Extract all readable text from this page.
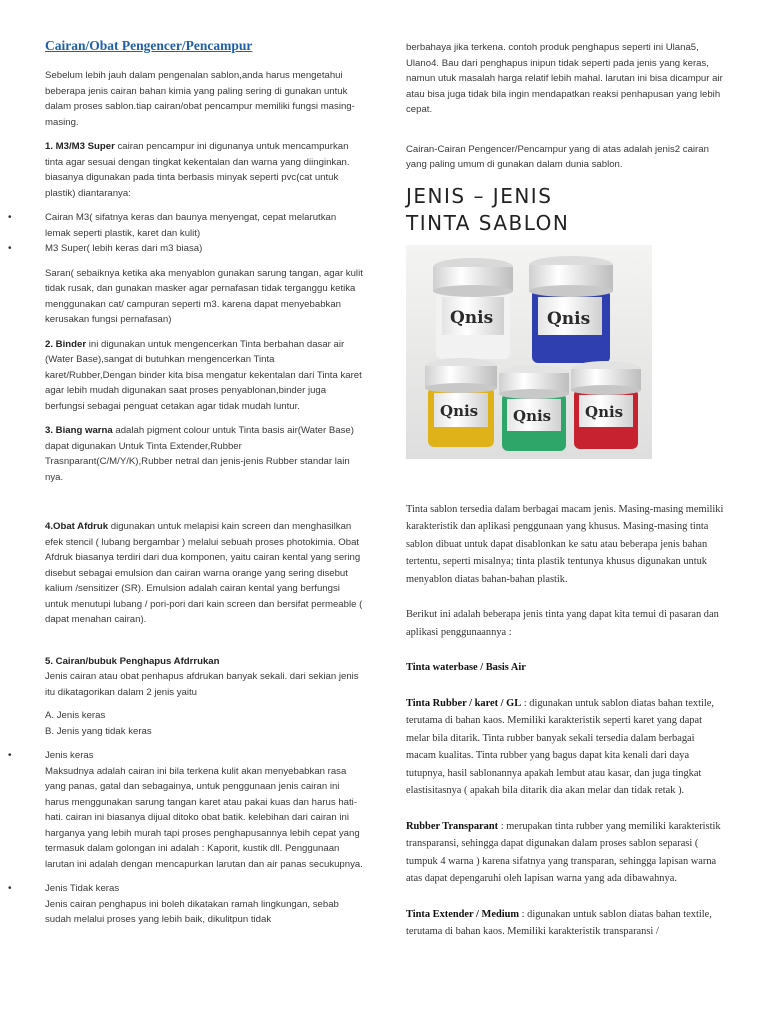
Cairan/Obat Pengencer/Pencampur

Sebelum lebih jauh dalam pengenalan sablon,anda harus mengetahui beberapa jenis cairan bahan kimia yang paling sering di gunakan untuk dalam proses sablon.tiap cairan/obat pencampur memiliki fungsi masing-masing.

1. M3/M3 Super cairan pencampur ini digunanya untuk mencampurkan tinta agar sesuai dengan tingkat kekentalan dan warna yang diinginkan. biasanya digunakan pada tinta berbasis minyak seperti pvc(cat untuk plastik) diantaranya:

• Cairan M3( sifatnya keras dan baunya menyengat, cepat melarutkan lemak seperti plastik, karet dan kulit)
• M3 Super( lebih keras dari m3 biasa)

Saran( sebaiknya ketika aka menyablon gunakan sarung tangan, agar kulit tidak rusak, dan gunakan masker agar pernafasan tidak terganggu ketika menggunakan cat/ campuran seperti m3. karena dapat menyebabkan kerusakan fungsi pernafasan)

2. Binder ini digunakan untuk mengencerkan Tinta berbahan dasar air (Water Base),sangat di butuhkan mengencerkan Tinta karet/Rubber,Dengan binder kita bisa mengatur kekentalan dari Tinta karet agar lebih mudah digunakan saat proses penyablonan,binder juga berfungsi sebagai penguat cetakan agar tidak mudah luntur.

3. Biang warna adalah pigment colour untuk Tinta basis air(Water Base) dapat digunakan Untuk Tinta Extender,Rubber Trasnparant(C/M/Y/K),Rubber netral dan jenis-jenis Rubber standar lain nya.

4.Obat Afdruk digunakan untuk melapisi kain screen dan menghasilkan efek stencil ( lubang bergambar ) melalui sebuah proses photokimia. Obat Afdruk biasanya terdiri dari dua komponen, yaitu cairan kental yang sering disebut sebagai emulsion dan cairan warna orange yang sering disebut kalium /sensitizer (SR). Emulsion adalah cairan kental yang berfungsi untuk menutupi lubang / pori-pori dari kain screen dan bersifat permeable ( dapat menahan cairan).

5. Cairan/bubuk Penghapus Afdrrukan
Jenis cairan atau obat penhapus afdrukan banyak sekali. dari sekian jenis itu dikatagorikan dalam 2 jenis yaitu

A. Jenis keras
B. Jenis yang tidak keras

• Jenis keras
Maksudnya adalah cairan ini bila terkena kulit akan menyebabkan rasa yang panas, gatal dan sebagainya, untuk penggunaan jenis cairan ini harus menggunakan sarung tangan karet atau pakai kuas dan harus hati-hati. cairan ini biasanya dijual ditoko obat batik. kelebihan dari cairan ini harganya yang lebih murah tapi proses penghapusannya lebih cepat yang termasuk dalam golongan ini adalah : Kaporit, kustik dll. Penggunaan larutan ini adalah dengan mencapurkan larutan dan air panas secukupnya.
• Jenis Tidak keras
Jenis cairan penghapus ini boleh dikatakan ramah lingkungan, sebab sudah melalui proses yang lebih baik, dikulitpun tidak

berbahaya jika terkena. contoh produk penghapus seperti ini Ulana5, Ulano4. Bau dari penghapus inipun tidak seperti pada jenis yang keras, namun utuk masalah harga relatif lebih mahal. larutan ini bisa dicampur air atau bisa juga tidak bila ingin mendapatkan reaksi penhapusan yang lebih cepat.

Cairan-Cairan Pengencer/Pencampur yang di atas adalah jenis2 cairan yang paling umum di gunakan dalam dunia sablon.

JENIS – JENIS
TINTA SABLON
Qnis	Qnis
Qnis Qnis Qnis

Tinta sablon tersedia dalam berbagai macam jenis. Masing-masing memiliki karakteristik dan aplikasi penggunaan yang khusus. Masing-masing tinta sablon dibuat untuk dapat disablonkan ke satu atau beberapa jenis bahan tertentu, seperti misalnya; tinta plastik tentunya khusus digunakan untuk menyablon diatas bahan-bahan plastik.

Berikut ini adalah beberapa jenis tinta yang dapat kita temui di pasaran dan aplikasi penggunaannya :

Tinta waterbase / Basis Air

Tinta Rubber / karet / GL : digunakan untuk sablon diatas bahan textile, terutama di bahan kaos. Memiliki karakteristik seperti karet yang dapat melar bila ditarik. Tinta rubber banyak sekali tersedia dalam berbagai macam kualitas. Tinta rubber yang bagus dapat kita kenali dari daya tutupnya, hasil sablonannya apakah lembut atau kasar, dan juga tingkat elastisitasnya ( apakah bila ditarik dia akan melar dan tidak retak ).

Rubber Transparant : merupakan tinta rubber yang memiliki karakteristik transparansi, sehingga dapat digunakan dalam proses sablon separasi ( tumpuk 4 warna ) karena sifatnya yang transparan, sehingga lapisan warna atas dapat depengaruhi oleh lapisan warna yang ada dibawahnya.

Tinta Extender / Medium : digunakan untuk sablon diatas bahan textile, terutama di bahan kaos. Memiliki karakteristik transparansi /
